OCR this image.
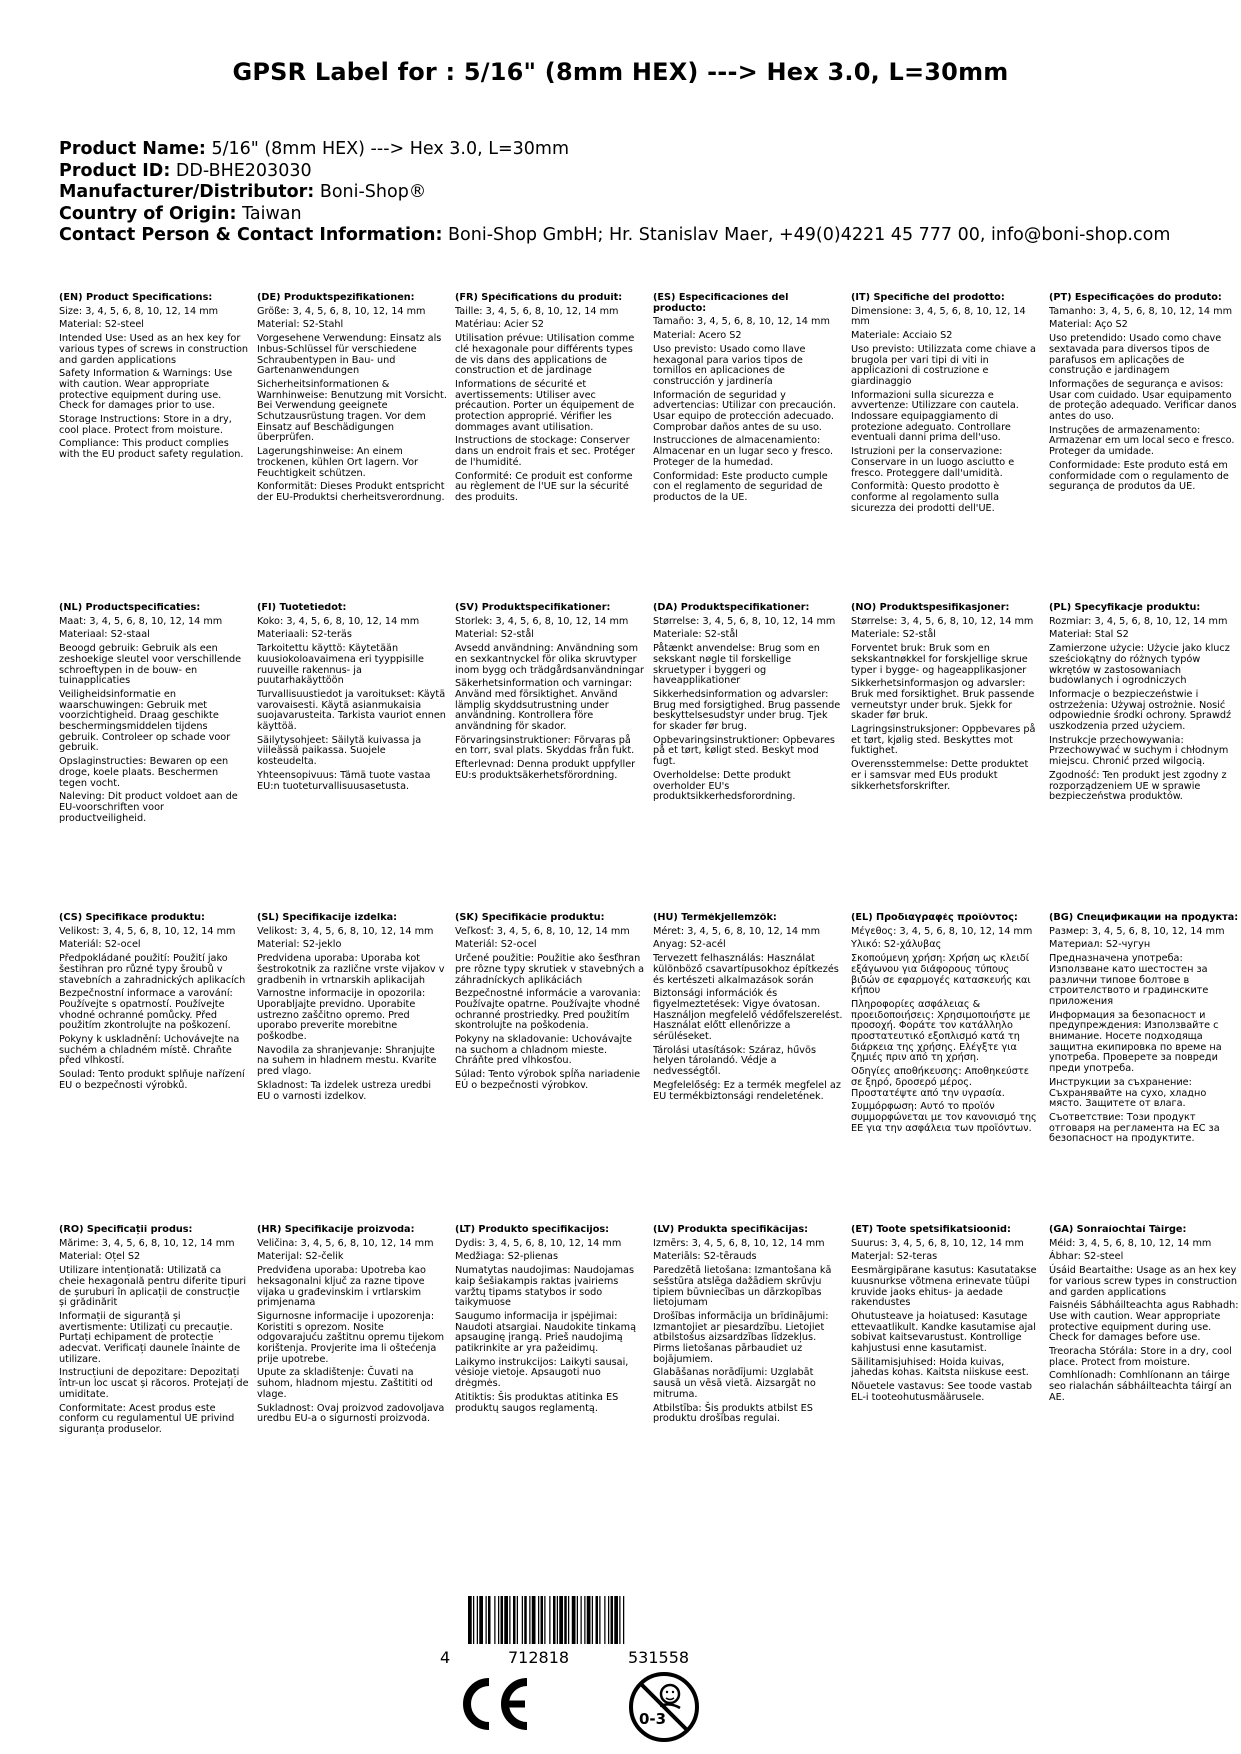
GPSR Label for : 5/16" (8mm HEX) ---> Hex 3.0, L=30mm
Product Name: 5/16" (8mm HEX) ---> Hex 3.0, L=30mm
Product ID: DD-BHE203030
Manufacturer/Distributor: Boni-Shop®
Country of Origin: Taiwan
Contact Person & Contact Information: Boni-Shop GmbH; Hr. Stanislav Maer, +49(0)4221 45 777 00, info@boni-shop.com
(EN) Product Specifications:
Size: 3, 4, 5, 6, 8, 10, 12, 14 mm
Material: S2-steel
Intended Use: Used as an hex key for various types of screws in construction and garden applications
Safety Information & Warnings: Use with caution. Wear appropriate protective equipment during use. Check for damages prior to use.
Storage Instructions: Store in a dry, cool place. Protect from moisture.
Compliance: This product complies with the EU product safety regulation.
(DE) Produktspezifikationen:
Größe: 3, 4, 5, 6, 8, 10, 12, 14 mm
Material: S2-Stahl
Vorgesehene Verwendung: Einsatz als Inbus-Schlüssel für verschiedene Schraubentypen in Bau- und Gartenanwendungen
Sicherheitsinformationen & Warnhinweise: Benutzung mit Vorsicht. Bei Verwendung geeignete Schutzausrüstung tragen. Vor dem Einsatz auf Beschädigungen überprüfen.
Lagerungshinweise: An einem trockenen, kühlen Ort lagern. Vor Feuchtigkeit schützen.
Konformität: Dieses Produkt entspricht der EU-Produktsi cherheitsverordnung.
(FR) Spécifications du produit:
Taille: 3, 4, 5, 6, 8, 10, 12, 14 mm
Matériau: Acier S2
Utilisation prévue: Utilisation comme clé hexagonale pour différents types de vis dans des applications de construction et de jardinage
Informations de sécurité et avertissements: Utiliser avec précaution. Porter un équipement de protection approprié. Vérifier les dommages avant utilisation.
Instructions de stockage: Conserver dans un endroit frais et sec. Protéger de l'humidité.
Conformité: Ce produit est conforme au règlement de l'UE sur la sécurité des produits.
(ES) Especificaciones del producto:
Tamaño: 3, 4, 5, 6, 8, 10, 12, 14 mm
Material: Acero S2
Uso previsto: Usado como llave hexagonal para varios tipos de tornillos en aplicaciones de construcción y jardinería
Información de seguridad y advertencias: Utilizar con precaución. Usar equipo de protección adecuado. Comprobar daños antes de su uso.
Instrucciones de almacenamiento: Almacenar en un lugar seco y fresco. Proteger de la humedad.
Conformidad: Este producto cumple con el reglamento de seguridad de productos de la UE.
(IT) Specifiche del prodotto:
Dimensione: 3, 4, 5, 6, 8, 10, 12, 14 mm
Materiale: Acciaio S2
Uso previsto: Utilizzata come chiave a brugola per vari tipi di viti in applicazioni di costruzione e giardinaggio
Informazioni sulla sicurezza e avvertenze: Utilizzare con cautela. Indossare equipaggiamento di protezione adeguato. Controllare eventuali danni prima dell'uso.
Istruzioni per la conservazione: Conservare in un luogo asciutto e fresco. Proteggere dall'umidità.
Conformità: Questo prodotto è conforme al regolamento sulla sicurezza dei prodotti dell'UE.
(PT) Especificações do produto:
Tamanho: 3, 4, 5, 6, 8, 10, 12, 14 mm
Material: Aço S2
Uso pretendido: Usado como chave sextavada para diversos tipos de parafusos em aplicações de construção e jardinagem
Informações de segurança e avisos: Usar com cuidado. Usar equipamento de proteção adequado. Verificar danos antes do uso.
Instruções de armazenamento: Armazenar em um local seco e fresco. Proteger da umidade.
Conformidade: Este produto está em conformidade com o regulamento de segurança de produtos da UE.
(NL) Productspecificaties:
Maat: 3, 4, 5, 6, 8, 10, 12, 14 mm
Materiaal: S2-staal
Beoogd gebruik: Gebruik als een zeshoekige sleutel voor verschillende schroeftypen in de bouw- en tuinapplicaties
Veiligheidsinformatie en waarschuwingen: Gebruik met voorzichtigheid. Draag geschikte beschermingsmiddelen tijdens gebruik. Controleer op schade voor gebruik.
Opslaginstructies: Bewaren op een droge, koele plaats. Beschermen tegen vocht.
Naleving: Dit product voldoet aan de EU-voorschriften voor productveiligheid.
(FI) Tuotetiedot:
Koko: 3, 4, 5, 6, 8, 10, 12, 14 mm
Materiaali: S2-teräs
Tarkoitettu käyttö: Käytetään kuusiokoloavaimena eri tyyppisille ruuveille rakennus- ja puutarhakäyttöön
Turvallisuustiedot ja varoitukset: Käytä varovaisesti. Käytä asianmukaisia suojavarusteita. Tarkista vauriot ennen käyttöä.
Säilytysohjeet: Säilytä kuivassa ja viileässä paikassa. Suojele kosteudelta.
Yhteensopivuus: Tämä tuote vastaa EU:n tuoteturvallisuusasetusta.
(SV) Produktspecifikationer:
Storlek: 3, 4, 5, 6, 8, 10, 12, 14 mm
Material: S2-stål
Avsedd användning: Användning som en sexkantnyckel för olika skruvtyper inom bygg och trädgårdsanvändningar
Säkerhetsinformation och varningar: Använd med försiktighet. Använd lämplig skyddsutrustning under användning. Kontrollera före användning för skador.
Förvaringsinstruktioner: Förvaras på en torr, sval plats. Skyddas från fukt.
Efterlevnad: Denna produkt uppfyller EU:s produktsäkerhetsförordning.
(DA) Produktspecifikationer:
Størrelse: 3, 4, 5, 6, 8, 10, 12, 14 mm
Materiale: S2-stål
Påtænkt anvendelse: Brug som en sekskant nøgle til forskellige skruetyper i byggeri og haveapplikationer
Sikkerhedsinformation og advarsler: Brug med forsigtighed. Brug passende beskyttelsesudstyr under brug. Tjek for skader før brug.
Opbevaringsinstruktioner: Opbevares på et tørt, køligt sted. Beskyt mod fugt.
Overholdelse: Dette produkt overholder EU's produktsikkerhedsforordning.
(NO) Produktspesifikasjoner:
Størrelse: 3, 4, 5, 6, 8, 10, 12, 14 mm
Materiale: S2-stål
Forventet bruk: Bruk som en sekskantnøkkel for forskjellige skrue typer i bygge- og hageapplikasjoner
Sikkerhetsinformasjon og advarsler: Bruk med forsiktighet. Bruk passende verneutstyr under bruk. Sjekk for skader før bruk.
Lagringsinstruksjoner: Oppbevares på et tørt, kjølig sted. Beskyttes mot fuktighet.
Overensstemmelse: Dette produktet er i samsvar med EUs produkt sikkerhetsforskrifter.
(PL) Specyfikacje produktu:
Rozmiar: 3, 4, 5, 6, 8, 10, 12, 14 mm
Materiał: Stal S2
Zamierzone użycie: Użycie jako klucz sześciokątny do różnych typów wkrętów w zastosowaniach budowlanych i ogrodniczych
Informacje o bezpieczeństwie i ostrzeżenia: Używaj ostrożnie. Nosić odpowiednie środki ochrony. Sprawdź uszkodzenia przed użyciem.
Instrukcje przechowywania: Przechowywać w suchym i chłodnym miejscu. Chronić przed wilgocią.
Zgodność: Ten produkt jest zgodny z rozporządzeniem UE w sprawie bezpieczeństwa produktów.
(CS) Specifikace produktu:
Velikost: 3, 4, 5, 6, 8, 10, 12, 14 mm
Materiál: S2-ocel
Předpokládané použití: Použití jako šestihran pro různé typy šroubů v stavebních a zahradnických aplikacích
Bezpečnostní informace a varování: Používejte s opatrností. Používejte vhodné ochranné pomůcky. Před použitím zkontrolujte na poškození.
Pokyny k uskladnění: Uchovávejte na suchém a chladném místě. Chraňte před vlhkostí.
Soulad: Tento produkt splňuje nařízení EU o bezpečnosti výrobků.
(SL) Specifikacije izdelka:
Velikost: 3, 4, 5, 6, 8, 10, 12, 14 mm
Material: S2-jeklo
Predvidena uporaba: Uporaba kot šestrokotnik za različne vrste vijakov v gradbenih in vrtnarskih aplikacijah
Varnostne informacije in opozorila: Uporabljajte previdno. Uporabite ustrezno zaščitno opremo. Pred uporabo preverite morebitne poškodbe.
Navodila za shranjevanje: Shranjujte na suhem in hladnem mestu. Kvarite pred vlago.
Skladnost: Ta izdelek ustreza uredbi EU o varnosti izdelkov.
(SK) Špecifikácie produktu:
Veľkosť: 3, 4, 5, 6, 8, 10, 12, 14 mm
Materiál: S2-ocel
Určené použitie: Použitie ako šesťhran pre rôzne typy skrutiek v stavebných a záhradníckych aplikáciách
Bezpečnostné informácie a varovania: Používajte opatrne. Používajte vhodné ochranné prostriedky. Pred použitím skontrolujte na poškodenia.
Pokyny na skladovanie: Uchovávajte na suchom a chladnom mieste. Chráňte pred vlhkosťou.
Súlad: Tento výrobok spĺňa nariadenie EÚ o bezpečnosti výrobkov.
(HU) Termékjellemzők:
Méret: 3, 4, 5, 6, 8, 10, 12, 14 mm
Anyag: S2-acél
Tervezett felhasználás: Használat különböző csavartípusokhoz építkezés és kertészeti alkalmazások során
Biztonsági információk és figyelmeztetések: Vigye óvatosan. Használjon megfelelő védőfelszerelést. Használat előtt ellenőrizze a sérüléseket.
Tárolási utasítások: Száraz, hűvös helyen tárolandó. Védje a nedvességtől.
Megfelelőség: Ez a termék megfelel az EU termékbiztonsági rendeletének.
(EL) Προδιαγραφές προϊόντος:
Μέγεθος: 3, 4, 5, 6, 8, 10, 12, 14 mm
Υλικό: S2-χάλυβας
Σκοπούμενη χρήση: Χρήση ως κλειδί εξάγωνου για διάφορους τύπους βιδών σε εφαρμογές κατασκευής και κήπου
Πληροφορίες ασφάλειας & προειδοποιήσεις: Χρησιμοποιήστε με προσοχή. Φοράτε τον κατάλληλο προστατευτικό εξοπλισμό κατά τη διάρκεια της χρήσης. Ελέγξτε για ζημιές πριν από τη χρήση.
Οδηγίες αποθήκευσης: Αποθηκεύστε σε ξηρό, δροσερό μέρος. Προστατέψτε από την υγρασία.
Συμμόρφωση: Αυτό το προϊόν συμμορφώνεται με τον κανονισμό της ΕΕ για την ασφάλεια των προϊόντων.
(BG) Спецификации на продукта:
Размер: 3, 4, 5, 6, 8, 10, 12, 14 mm
Материал: S2-чугун
Предназначена употреба: Използване като шестостен за различни типове болтове в строителството и градинските приложения
Информация за безопасност и предупреждения: Използвайте с внимание. Носете подходяща защитна екипировка по време на употреба. Проверете за повреди преди употреба.
Инструкции за съхранение: Съхранявайте на сухо, хладно място. Защитете от влага.
Съответствие: Този продукт отговаря на регламента на ЕС за безопасност на продуктите.
(RO) Specificații produs:
Mărime: 3, 4, 5, 6, 8, 10, 12, 14 mm
Material: Oțel S2
Utilizare intenționată: Utilizată ca cheie hexagonală pentru diferite tipuri de șuruburi în aplicații de construcție și grădinărit
Informații de siguranță și avertismente: Utilizați cu precauție. Purtați echipament de protecție adecvat. Verificați daunele înainte de utilizare.
Instrucțiuni de depozitare: Depozitați într-un loc uscat și răcoros. Protejați de umiditate.
Conformitate: Acest produs este conform cu regulamentul UE privind siguranța produselor.
(HR) Specifikacije proizvoda:
Veličina: 3, 4, 5, 6, 8, 10, 12, 14 mm
Materijal: S2-čelik
Predviđena uporaba: Upotreba kao heksagonalni ključ za razne tipove vijaka u građevinskim i vrtlarskim primjenama
Sigurnosne informacije i upozorenja: Koristiti s oprezom. Nosite odgovarajuću zaštitnu opremu tijekom korištenja. Provjerite ima li oštećenja prije upotrebe.
Upute za skladištenje: Čuvati na suhom, hladnom mjestu. Zaštititi od vlage.
Sukladnost: Ovaj proizvod zadovoljava uredbu EU-a o sigurnosti proizvoda.
(LT) Produkto specifikacijos:
Dydis: 3, 4, 5, 6, 8, 10, 12, 14 mm
Medžiaga: S2-plienas
Numatytas naudojimas: Naudojamas kaip šešiakampis raktas įvairiems varžtų tipams statybos ir sodo taikymuose
Saugumo informacija ir įspėjimai: Naudoti atsargiai. Naudokite tinkamą apsauginę įrangą. Prieš naudojimą patikrinkite ar yra pažeidimų.
Laikymo instrukcijos: Laikyti sausai, vėsioje vietoje. Apsaugoti nuo drėgmės.
Atitiktis: Šis produktas atitinka ES produktų saugos reglamentą.
(LV) Produkta specifikācijas:
Izmērs: 3, 4, 5, 6, 8, 10, 12, 14 mm
Materiāls: S2-tērauds
Paredzētā lietošana: Izmantošana kā sešstūra atslēga dažādiem skrūvju tipiem būvniecības un dārzkopības lietojumam
Drošības informācija un brīdinājumi: Izmantojiet ar piesardzību. Lietojiet atbilstošus aizsardzības līdzekļus. Pirms lietošanas pārbaudiet uz bojājumiem.
Glabāšanas norādījumi: Uzglabāt sausā un vēsā vietā. Aizsargāt no mitruma.
Atbilstība: Šis produkts atbilst ES produktu drošības regulai.
(ET) Toote spetsifikatsioonid:
Suurus: 3, 4, 5, 6, 8, 10, 12, 14 mm
Materjal: S2-teras
Eesmärgipärane kasutus: Kasutatakse kuusnurkse võtmena erinevate tüüpi kruvide jaoks ehitus- ja aedade rakendustes
Ohutusteave ja hoiatused: Kasutage ettevaatlikult. Kandke kasutamise ajal sobivat kaitsevarustust. Kontrollige kahjustusi enne kasutamist.
Säilitamisjuhised: Hoida kuivas, jahedas kohas. Kaitsta niiskuse eest.
Nõuetele vastavus: See toode vastab EL-i tooteohutusmäärusele.
(GA) Sonraíochtaí Táirge:
Méid: 3, 4, 5, 6, 8, 10, 12, 14 mm
Ábhar: S2-steel
Úsáid Beartaithe: Usage as an hex key for various screw types in construction and garden applications
Faisnéis Sábháilteachta agus Rabhadh: Use with caution. Wear appropriate protective equipment during use. Check for damages before use.
Treoracha Stórála: Store in a dry, cool place. Protect from moisture.
Comhlíonadh: Comhlíonann an táirge seo rialachán sábháilteachta táirgí an AE.
4	712818	531558
0-3
